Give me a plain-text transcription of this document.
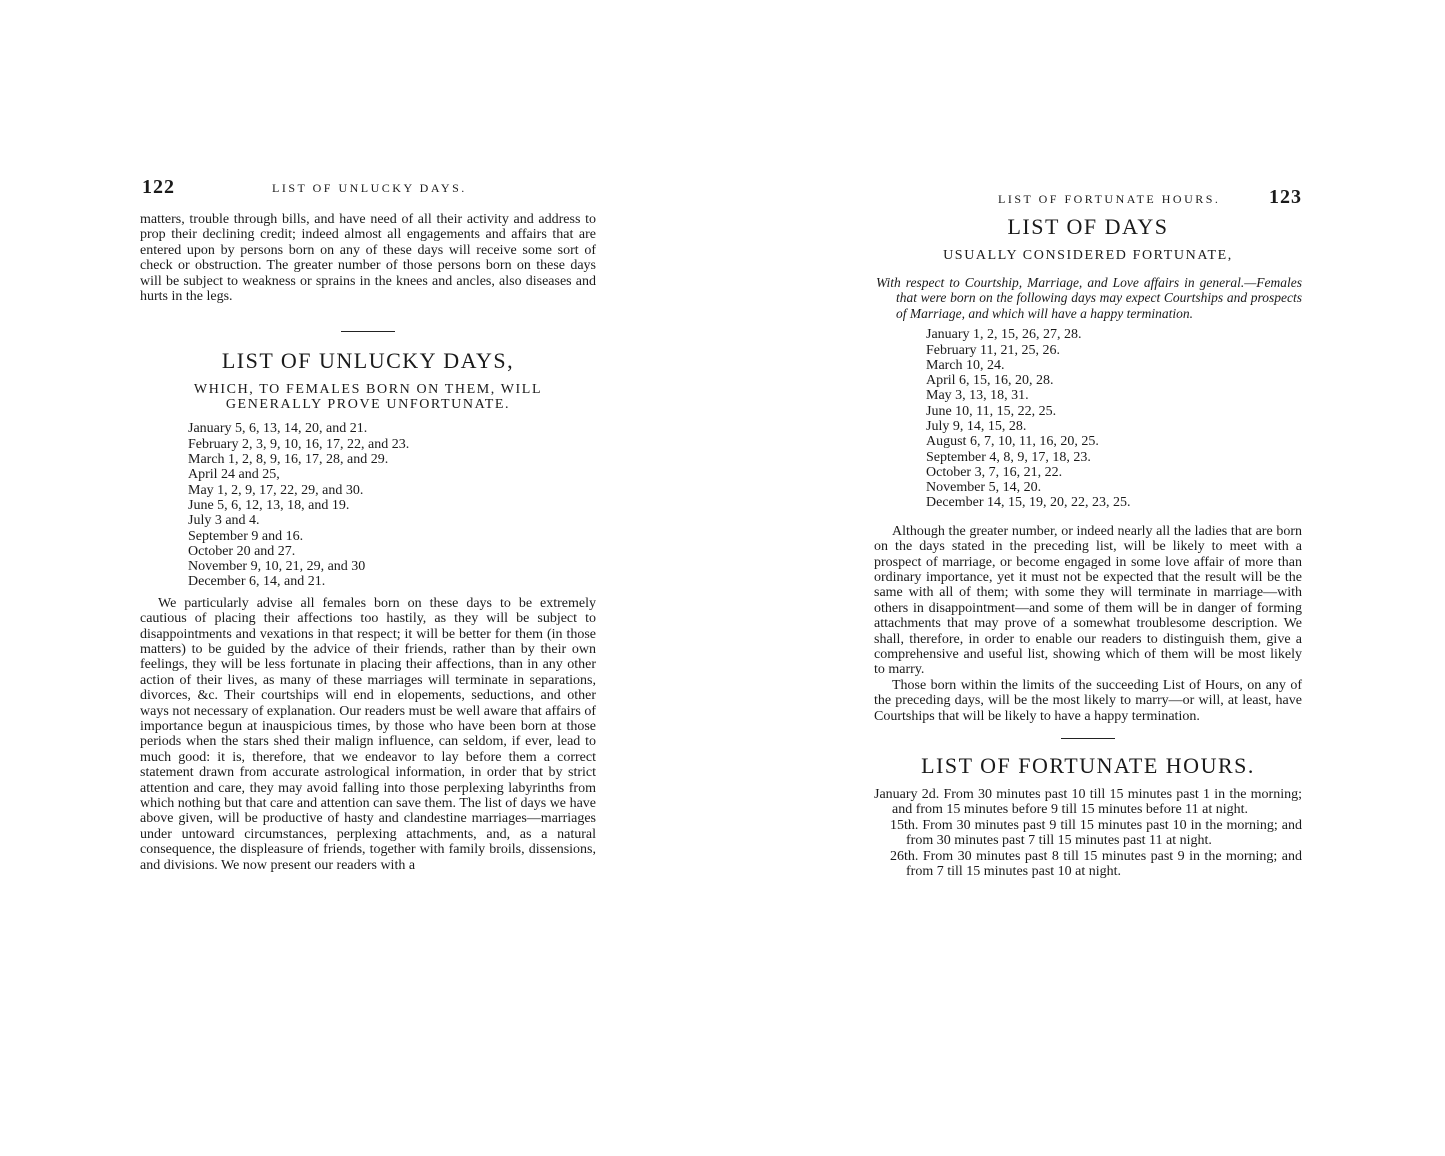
122	LIST OF UNLUCKY DAYS.

matters, trouble through bills, and have need of all their activity and address to prop their declining credit; indeed almost all engagements and affairs that are entered upon by persons born on any of these days will receive some sort of check or obstruction. The greater number of those persons born on these days will be subject to weakness or sprains in the knees and ancles, also diseases and hurts in the legs.

LIST OF UNLUCKY DAYS,
WHICH, TO FEMALES BORN ON THEM, WILL GENERALLY PROVE UNFORTUNATE.
January 5, 6, 13, 14, 20, and 21.
February 2, 3, 9, 10, 16, 17, 22, and 23.
March 1, 2, 8, 9, 16, 17, 28, and 29.
April 24 and 25,
May 1, 2, 9, 17, 22, 29, and 30.
June 5, 6, 12, 13, 18, and 19.
July 3 and 4.
September 9 and 16.
October 20 and 27.
November 9, 10, 21, 29, and 30
December 6, 14, and 21.

We particularly advise all females born on these days to be extremely cautious of placing their affections too hastily, as they will be subject to disappointments and vexations in that respect; it will be better for them (in those matters) to be guided by the advice of their friends, rather than by their own feelings, they will be less fortunate in placing their affections, than in any other action of their lives, as many of these marriages will terminate in separations, divorces, &c. Their courtships will end in elopements, seductions, and other ways not necessary of explanation. Our readers must be well aware that affairs of importance begun at inauspicious times, by those who have been born at those periods when the stars shed their malign influence, can seldom, if ever, lead to much good: it is, therefore, that we endeavor to lay before them a correct statement drawn from accurate astrological information, in order that by strict attention and care, they may avoid falling into those perplexing labyrinths from which nothing but that care and attention can save them. The list of days we have above given, will be productive of hasty and clandestine marriages—marriages under untoward circumstances, perplexing attachments, and, as a natural consequence, the displeasure of friends, together with family broils, dissensions, and divisions. We now present our readers with a

LIST OF FORTUNATE HOURS. 123
LIST OF DAYS
USUALLY CONSIDERED FORTUNATE,
With respect to Courtship, Marriage, and Love affairs in general.—Females that were born on the following days may expect Courtships and prospects of Marriage, and which will have a happy termination.
January 1, 2, 15, 26, 27, 28.
February 11, 21, 25, 26.
March 10, 24.
April 6, 15, 16, 20, 28.
May 3, 13, 18, 31.
June 10, 11, 15, 22, 25.
July 9, 14, 15, 28.
August 6, 7, 10, 11, 16, 20, 25.
September 4, 8, 9, 17, 18, 23.
October 3, 7, 16, 21, 22.
November 5, 14, 20.
December 14, 15, 19, 20, 22, 23, 25.

Although the greater number, or indeed nearly all the ladies that are born on the days stated in the preceding list, will be likely to meet with a prospect of marriage, or become engaged in some love affair of more than ordinary importance, yet it must not be expected that the result will be the same with all of them; with some they will terminate in marriage—with others in disappointment—and some of them will be in danger of forming attachments that may prove of a somewhat troublesome description. We shall, therefore, in order to enable our readers to distinguish them, give a comprehensive and useful list, showing which of them will be most likely to marry.

Those born within the limits of the succeeding List of Hours, on any of the preceding days, will be the most likely to marry—or will, at least, have Courtships that will be likely to have a happy termination.

LIST OF FORTUNATE HOURS.
January 2d. From 30 minutes past 10 till 15 minutes past 1 in the morning; and from 15 minutes before 9 till 15 minutes before 11 at night.
15th. From 30 minutes past 9 till 15 minutes past 10 in the morning; and from 30 minutes past 7 till 15 minutes past 11 at night.
26th. From 30 minutes past 8 till 15 minutes past 9 in the morning; and from 7 till 15 minutes past 10 at night.
